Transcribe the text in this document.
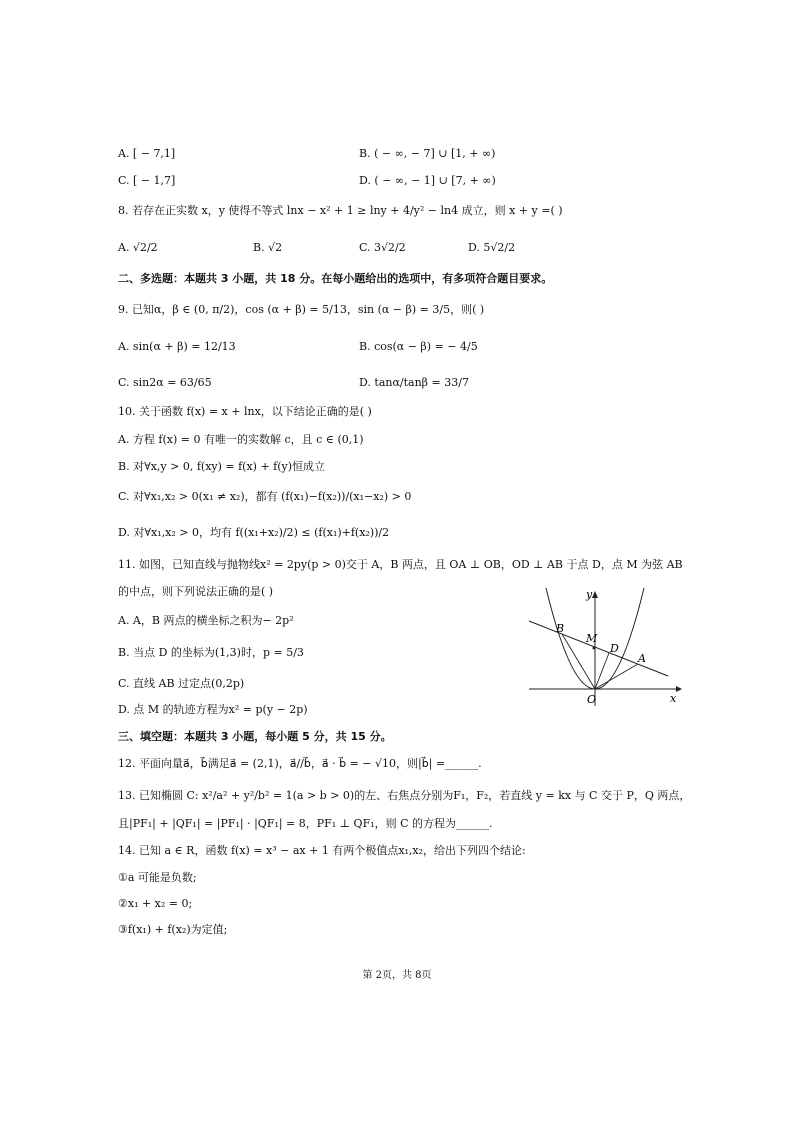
A. [ − 7,1]	B. ( − ∞, − 7] ∪ [1, + ∞)
C. [ − 1,7]	D. ( − ∞, − 1] ∪ [7, + ∞)
8. 若存在正实数 x，y 使得不等式 lnx − x² + 1 ≥ lny + 4/y² − ln4 成立，则 x + y =( )
A. √2/2	B. √2	C. 3√2/2	D. 5√2/2
二、多选题：本题共 3 小题，共 18 分。在每小题给出的选项中，有多项符合题目要求。
9. 已知α，β ∈ (0, π/2)，cos (α + β) = 5/13，sin (α − β) = 3/5，则( )
A. sin(α + β) = 12/13	B. cos(α − β) = − 4/5
C. sin2α = 63/65	D. tanα/tanβ = 33/7
10. 关于函数 f(x) = x + lnx，以下结论正确的是( )
A. 方程 f(x) = 0 有唯一的实数解 c，且 c ∈ (0,1)
B. 对∀x,y > 0, f(xy) = f(x) + f(y)恒成立
C. 对∀x₁,x₂ > 0(x₁ ≠ x₂)，都有 (f(x₁)−f(x₂))/(x₁−x₂) > 0
D. 对∀x₁,x₂ > 0，均有 f((x₁+x₂)/2) ≤ (f(x₁)+f(x₂))/2
11. 如图，已知直线与抛物线x² = 2py(p > 0)交于 A，B 两点，且 OA ⊥ OB，OD ⊥ AB 于点 D，点 M 为弦 AB
的中点，则下列说法正确的是( )
A. A，B 两点的横坐标之积为− 2p²
B. 当点 D 的坐标为(1,3)时，p = 5/3
C. 直线 AB 过定点(0,2p)
D. 点 M 的轨迹方程为x² = p(y − 2p)
y
x
O
A
B
M
D
三、填空题：本题共 3 小题，每小题 5 分，共 15 分。
12. 平面向量a⃗，b⃗满足a⃗ = (2,1)，a⃗//b⃗，a⃗ · b⃗ = − √10，则|b⃗| =______.
13. 已知椭圆 C: x²/a² + y²/b² = 1(a > b > 0)的左、右焦点分别为F₁，F₂，若直线 y = kx 与 C 交于 P，Q 两点，
且|PF₁| + |QF₁| = |PF₁| · |QF₁| = 8，PF₁ ⊥ QF₁，则 C 的方程为______.
14. 已知 a ∈ R，函数 f(x) = x³ − ax + 1 有两个极值点x₁,x₂，给出下列四个结论:
①a 可能是负数;
②x₁ + x₂ = 0;
③f(x₁) + f(x₂)为定值;
第 2页，共 8页
